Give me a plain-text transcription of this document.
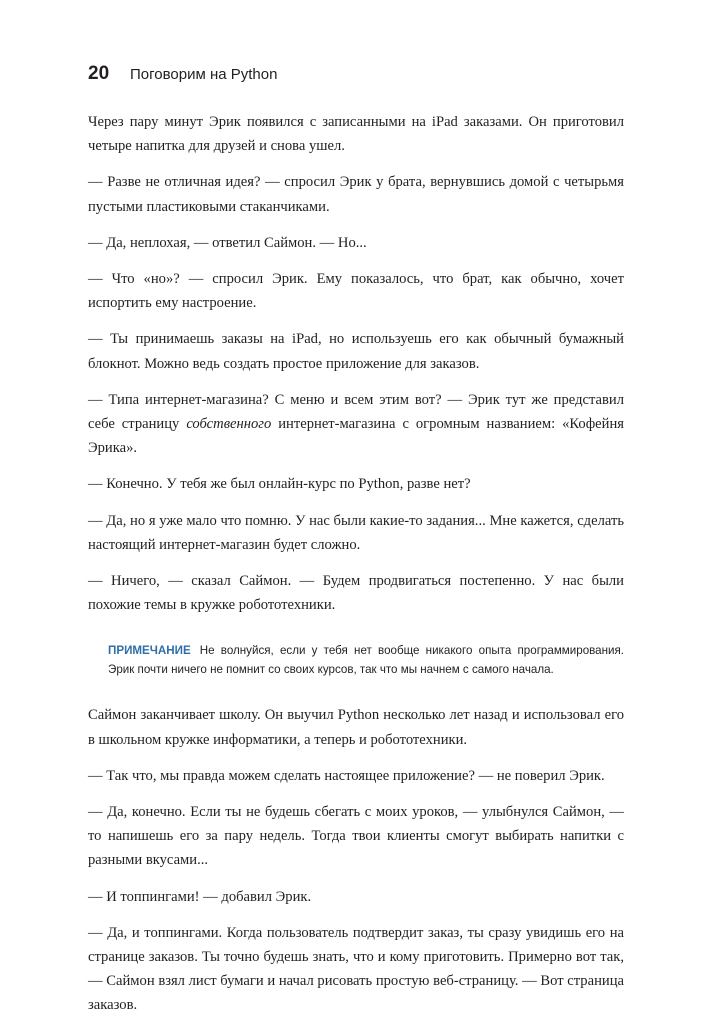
20	Поговорим на Python

Через пару минут Эрик появился с записанными на iPad заказами. Он приготовил четыре напитка для друзей и снова ушел.

— Разве не отличная идея? — спросил Эрик у брата, вернувшись домой с четырьмя пустыми пластиковыми стаканчиками.

— Да, неплохая, — ответил Саймон. — Но...

— Что «но»? — спросил Эрик. Ему показалось, что брат, как обычно, хочет испортить ему настроение.

— Ты принимаешь заказы на iPad, но используешь его как обычный бумажный блокнот. Можно ведь создать простое приложение для заказов.

— Типа интернет-магазина? С меню и всем этим вот? — Эрик тут же представил себе страницу собственного интернет-магазина с огромным названием: «Кофейня Эрика».

— Конечно. У тебя же был онлайн-курс по Python, разве нет?

— Да, но я уже мало что помню. У нас были какие-то задания... Мне кажется, сделать настоящий интернет-магазин будет сложно.

— Ничего, — сказал Саймон. — Будем продвигаться постепенно. У нас были похожие темы в кружке робототехники.

ПРИМЕЧАНИЕ Не волнуйся, если у тебя нет вообще никакого опыта программирования. Эрик почти ничего не помнит со своих курсов, так что мы начнем с самого начала.

Саймон заканчивает школу. Он выучил Python несколько лет назад и использовал его в школьном кружке информатики, а теперь и робототехники.

— Так что, мы правда можем сделать настоящее приложение? — не поверил Эрик.

— Да, конечно. Если ты не будешь сбегать с моих уроков, — улыбнулся Саймон, — то напишешь его за пару недель. Тогда твои клиенты смогут выбирать напитки с разными вкусами...

— И топпингами! — добавил Эрик.

— Да, и топпингами. Когда пользователь подтвердит заказ, ты сразу увидишь его на странице заказов. Ты точно будешь знать, что и кому приготовить. Примерно вот так, — Саймон взял лист бумаги и начал рисовать простую веб-страницу. — Вот страница заказов.
